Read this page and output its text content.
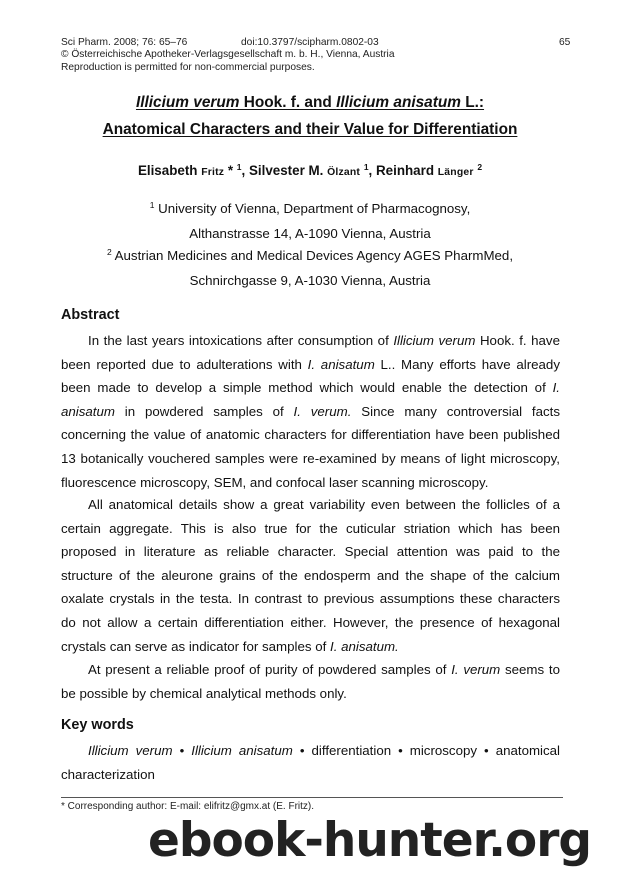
Sci Pharm. 2008; 76: 65–76
© Österreichische Apotheker-Verlagsgesellschaft m. b. H., Vienna, Austria
Reproduction is permitted for non-commercial purposes.
doi:10.3797/scipharm.0802-03	65
Illicium verum Hook. f. and Illicium anisatum L.:
Anatomical Characters and their Value for Differentiation
Elisabeth Fritz * $^1$, Silvester M. Ölzant $^1$, Reinhard Länger $^2$
$^1$ University of Vienna, Department of Pharmacognosy,
Althanstrasse 14, A-1090 Vienna, Austria
$^2$ Austrian Medicines and Medical Devices Agency AGES PharmMed,
Schnirchgasse 9, A-1030 Vienna, Austria
Abstract
In the last years intoxications after consumption of Illicium verum Hook. f. have
been reported due to adulterations with I. anisatum L.. Many efforts have already
been made to develop a simple method which would enable the detection of I.
anisatum in powdered samples of I. verum. Since many controversial facts
concerning the value of anatomic characters for differentiation have been published
13 botanically vouchered samples were re-examined by means of light microscopy,
fluorescence microscopy, SEM, and confocal laser scanning microscopy.
All anatomical details show a great variability even between the follicles of a
certain aggregate. This is also true for the cuticular striation which has been
proposed in literature as reliable character. Special attention was paid to the
structure of the aleurone grains of the endosperm and the shape of the calcium
oxalate crystals in the testa. In contrast to previous assumptions these characters
do not allow a certain differentiation either. However, the presence of hexagonal
crystals can serve as indicator for samples of I. anisatum.
At present a reliable proof of purity of powdered samples of I. verum seems to
be possible by chemical analytical methods only.
Key words
Illicium verum • Illicium anisatum • differentiation • microscopy • anatomical
characterization
* Corresponding author: E-mail: elifritz@gmx.at (E. Fritz).
ebook-hunter.org
